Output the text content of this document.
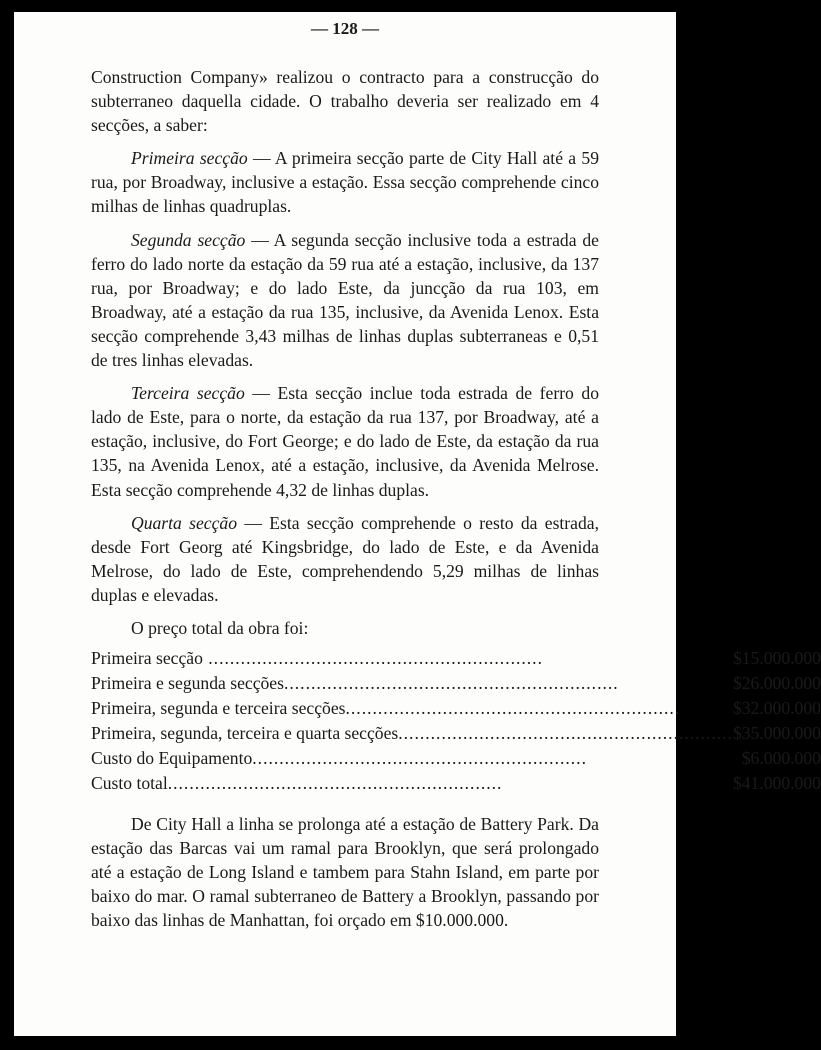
— 128 —

Construction Company» realizou o contracto para a construcção do subterraneo daquella cidade. O trabalho deveria ser realizado em 4 secções, a saber:

Primeira secção — A primeira secção parte de City Hall até a 59 rua, por Broadway, inclusive a estação. Essa secção comprehende cinco milhas de linhas quadruplas.

Segunda secção — A segunda secção inclusive toda a estrada de ferro do lado norte da estação da 59 rua até a estação, inclusive, da 137 rua, por Broadway; e do lado Este, da juncção da rua 103, em Broadway, até a estação da rua 135, inclusive, da Avenida Lenox. Esta secção comprehende 3,43 milhas de linhas duplas subterraneas e 0,51 de tres linhas elevadas.

Terceira secção — Esta secção inclue toda estrada de ferro do lado de Este, para o norte, da estação da rua 137, por Broadway, até a estação, inclusive, do Fort George; e do lado de Este, da estação da rua 135, na Avenida Lenox, até a estação, inclusive, da Avenida Melrose. Esta secção comprehende 4,32 de linhas duplas.

Quarta secção — Esta secção comprehende o resto da estrada, desde Fort Georg até Kingsbridge, do lado de Este, e da Avenida Melrose, do lado de Este, comprehendendo 5,29 milhas de linhas duplas e elevadas.

O preço total da obra foi:

Primeira secção ..............................................................	$15.000.000
Primeira e segunda secções..............................................................	$26.000.000
Primeira, segunda e terceira secções..............................................................	$32.000.000
Primeira, segunda, terceira e quarta secções..............................................................	$35.000.000
Custo do Equipamento..............................................................	$6.000.000
Custo total..............................................................	$41.000.000

De City Hall a linha se prolonga até a estação de Battery Park. Da estação das Barcas vai um ramal para Brooklyn, que será prolongado até a estação de Long Island e tambem para Stahn Island, em parte por baixo do mar. O ramal subterraneo de Battery a Brooklyn, passando por baixo das linhas de Manhattan, foi orçado em $10.000.000.
